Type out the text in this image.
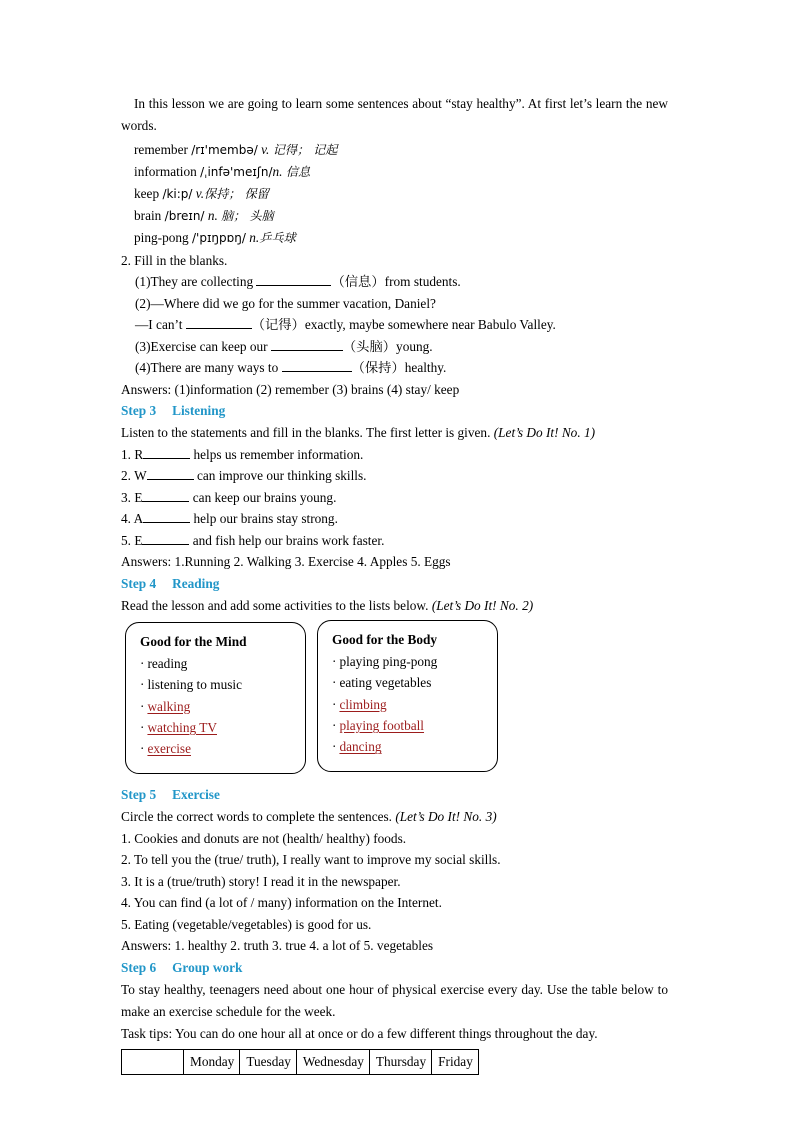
In this lesson we are going to learn some sentences about “stay healthy”. At first let’s learn the new words.

remember /rɪ'membə/ v. 记得； 记起
information /ˌinfə'meɪʃn/n. 信息
keep /ki:p/ v.保持； 保留
brain /breɪn/ n. 脑； 头脑
ping-pong /'pɪŋpɒŋ/ n.乒乓球
2. Fill in the blanks.
(1)They are collecting	（信息）from students.
(2)—Where did we go for the summer vacation, Daniel?
—I can’t	（记得）exactly, maybe somewhere near Babulo Valley.
(3)Exercise can keep our	（头脑）young.
(4)There are many ways to	（保持）healthy.
Answers: (1)information (2) remember (3) brains (4) stay/ keep
Step 3 Listening
Listen to the statements and fill in the blanks. The first letter is given. (Let’s Do It! No. 1)
1. R	helps us remember information.
2. W	can improve our thinking skills.
3. E	can keep our brains young.
4. A	help our brains stay strong.
5. E	and fish help our brains work faster.
Answers: 1.Running 2. Walking 3. Exercise 4. Apples 5. Eggs
Step 4 Reading
Read the lesson and add some activities to the lists below. (Let’s Do It! No. 2)
Good for the Mind
· reading
· listening to music
· walking
· watching TV
· exercise
Good for the Body
· playing ping-pong
· eating vegetables
· climbing
· playing football
· dancing
Step 5 Exercise
Circle the correct words to complete the sentences. (Let’s Do It! No. 3)
1. Cookies and donuts are not (health/ healthy) foods.
2. To tell you the (true/ truth), I really want to improve my social skills.
3. It is a (true/truth) story! I read it in the newspaper.
4. You can find (a lot of / many) information on the Internet.
5. Eating (vegetable/vegetables) is good for us.
Answers: 1. healthy 2. truth 3. true 4. a lot of 5. vegetables
Step 6 Group work

To stay healthy, teenagers need about one hour of physical exercise every day. Use the table below to make an exercise schedule for the week.

Task tips: You can do one hour all at once or do a few different things throughout the day.
	Monday	Tuesday	Wednesday	Thursday	Friday
